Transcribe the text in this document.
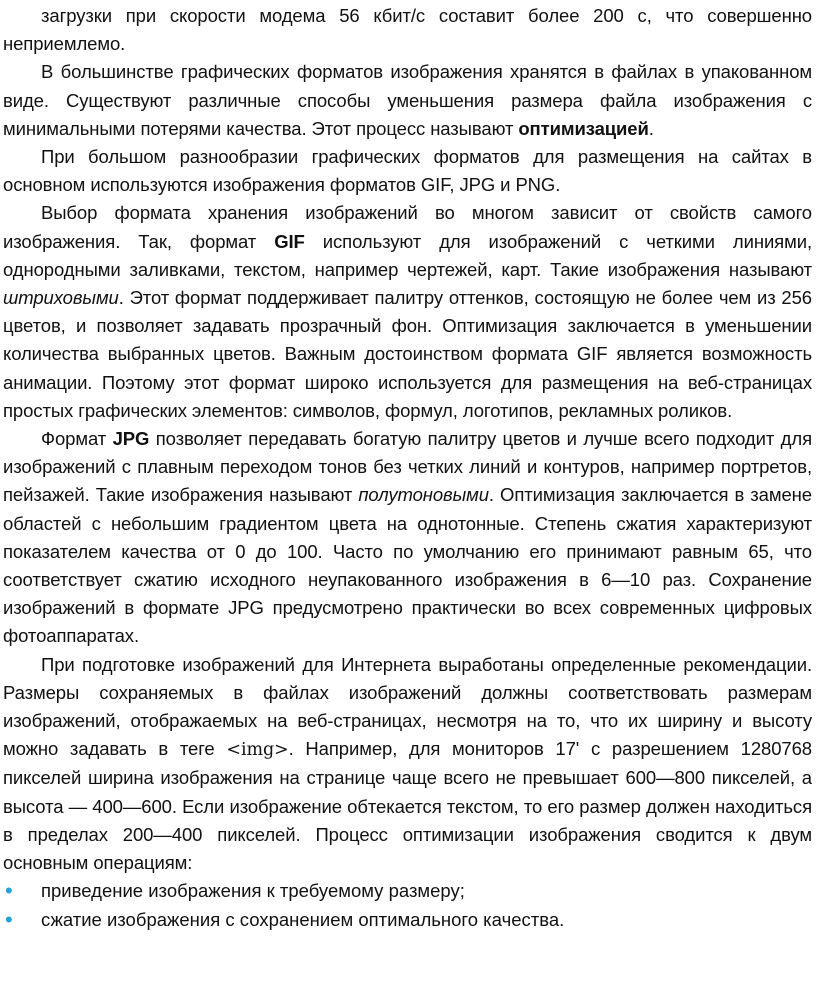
загрузки при скорости модема 56 кбит/с составит более 200 с, что совершенно неприемлемо.

В большинстве графических форматов изображения хранятся в файлах в упакованном виде. Существуют различные способы уменьшения размера файла изображения с минимальными потерями качества. Этот процесс называют оптимизацией.

При большом разнообразии графических форматов для размещения на сайтах в основном используются изображения форматов GIF, JPG и PNG.

Выбор формата хранения изображений во многом зависит от свойств самого изображения. Так, формат GIF используют для изображений с четкими линиями, однородными заливками, текстом, например чертежей, карт. Такие изображения называют штриховыми. Этот формат поддерживает палитру оттенков, состоящую не более чем из 256 цветов, и позволяет задавать прозрачный фон. Оптимизация заключается в уменьшении количества выбранных цветов. Важным достоинством формата GIF является возможность анимации. Поэтому этот формат широко используется для размещения на веб-страницах простых графических элементов: символов, формул, логотипов, рекламных роликов.

Формат JPG позволяет передавать богатую палитру цветов и лучше всего подходит для изображений с плавным переходом тонов без четких линий и контуров, например портретов, пейзажей. Такие изображения называют полутоновыми. Оптимизация заключается в замене областей с небольшим градиентом цвета на однотонные. Степень сжатия характеризуют показателем качества от 0 до 100. Часто по умолчанию его принимают равным 65, что соответствует сжатию исходного неупакованного изображения в 6—10 раз. Сохранение изображений в формате JPG предусмотрено практически во всех современных цифровых фотоаппаратах.

При подготовке изображений для Интернета выработаны определенные рекомендации. Размеры сохраняемых в файлах изображений должны соответствовать размерам изображений, отображаемых на веб-страницах, несмотря на то, что их ширину и высоту можно задавать в теге <img>. Например, для мониторов 17ʹ с разрешением 1280768 пикселей ширина изображения на странице чаще всего не превышает 600—800 пикселей, а высота — 400—600. Если изображение обтекается текстом, то его размер должен находиться в пределах 200—400 пикселей. Процесс оптимизации изображения сводится к двум основным операциям:

• приведение изображения к требуемому размеру;
• сжатие изображения с сохранением оптимального качества.
